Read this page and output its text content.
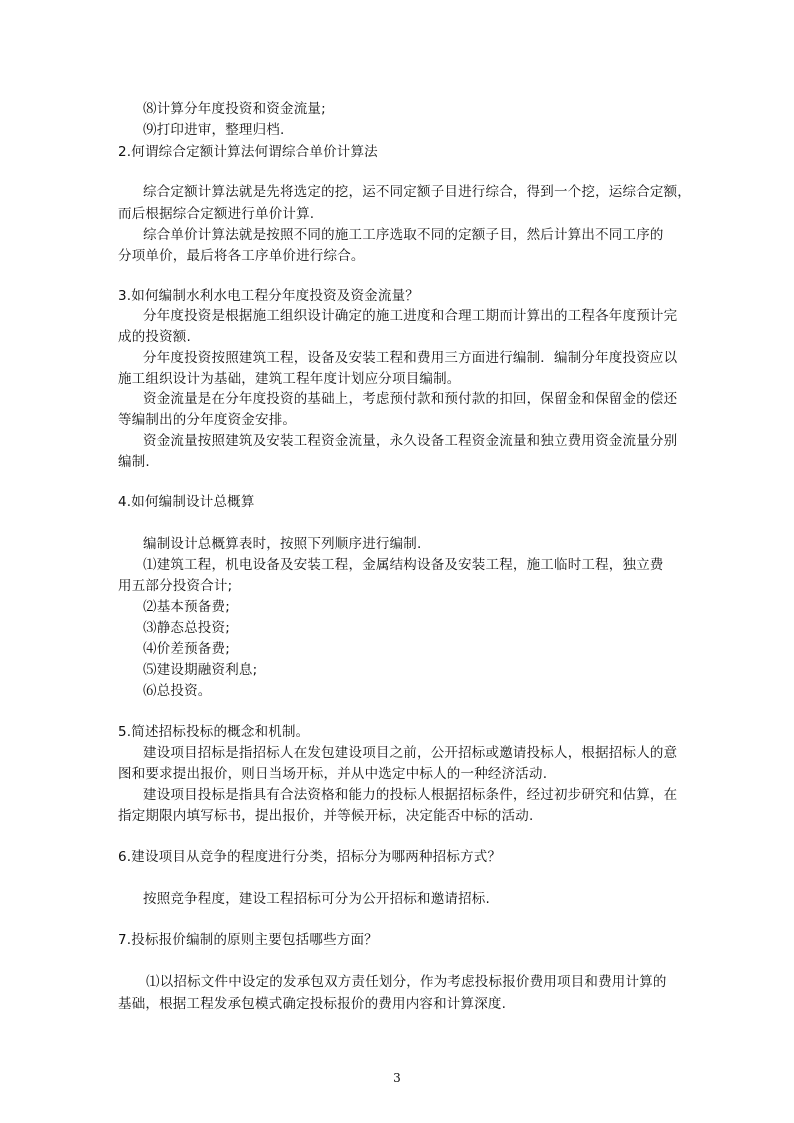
⑻计算分年度投资和资金流量;
⑼打印进审，整理归档.
2.何谓综合定额计算法何谓综合单价计算法
综合定额计算法就是先将选定的挖，运不同定额子目进行综合，得到一个挖，运综合定额，
而后根据综合定额进行单价计算.
综合单价计算法就是按照不同的施工工序选取不同的定额子目，然后计算出不同工序的
分项单价，最后将各工序单价进行综合。
3.如何编制水利水电工程分年度投资及资金流量？
分年度投资是根据施工组织设计确定的施工进度和合理工期而计算出的工程各年度预计完
成的投资额.
分年度投资按照建筑工程，设备及安装工程和费用三方面进行编制．编制分年度投资应以
施工组织设计为基础，建筑工程年度计划应分项目编制。
资金流量是在分年度投资的基础上，考虑预付款和预付款的扣回，保留金和保留金的偿还
等编制出的分年度资金安排。
资金流量按照建筑及安装工程资金流量，永久设备工程资金流量和独立费用资金流量分别
编制.
4.如何编制设计总概算
编制设计总概算表时，按照下列顺序进行编制.
⑴建筑工程，机电设备及安装工程，金属结构设备及安装工程，施工临时工程，独立费
用五部分投资合计;
⑵基本预备费;
⑶静态总投资;
⑷价差预备费;
⑸建设期融资利息;
⑹总投资。
5.简述招标投标的概念和机制。
建设项目招标是指招标人在发包建设项目之前，公开招标或邀请投标人，根据招标人的意
图和要求提出报价，则日当场开标，并从中选定中标人的一种经济活动.
建设项目投标是指具有合法资格和能力的投标人根据招标条件，经过初步研究和估算，在
指定期限内填写标书，提出报价，并等候开标，决定能否中标的活动.
6.建设项目从竞争的程度进行分类，招标分为哪两种招标方式？
按照竞争程度，建设工程招标可分为公开招标和邀请招标.
7.投标报价编制的原则主要包括哪些方面？
⑴以招标文件中设定的发承包双方责任划分，作为考虑投标报价费用项目和费用计算的
基础，根据工程发承包模式确定投标报价的费用内容和计算深度.
3
